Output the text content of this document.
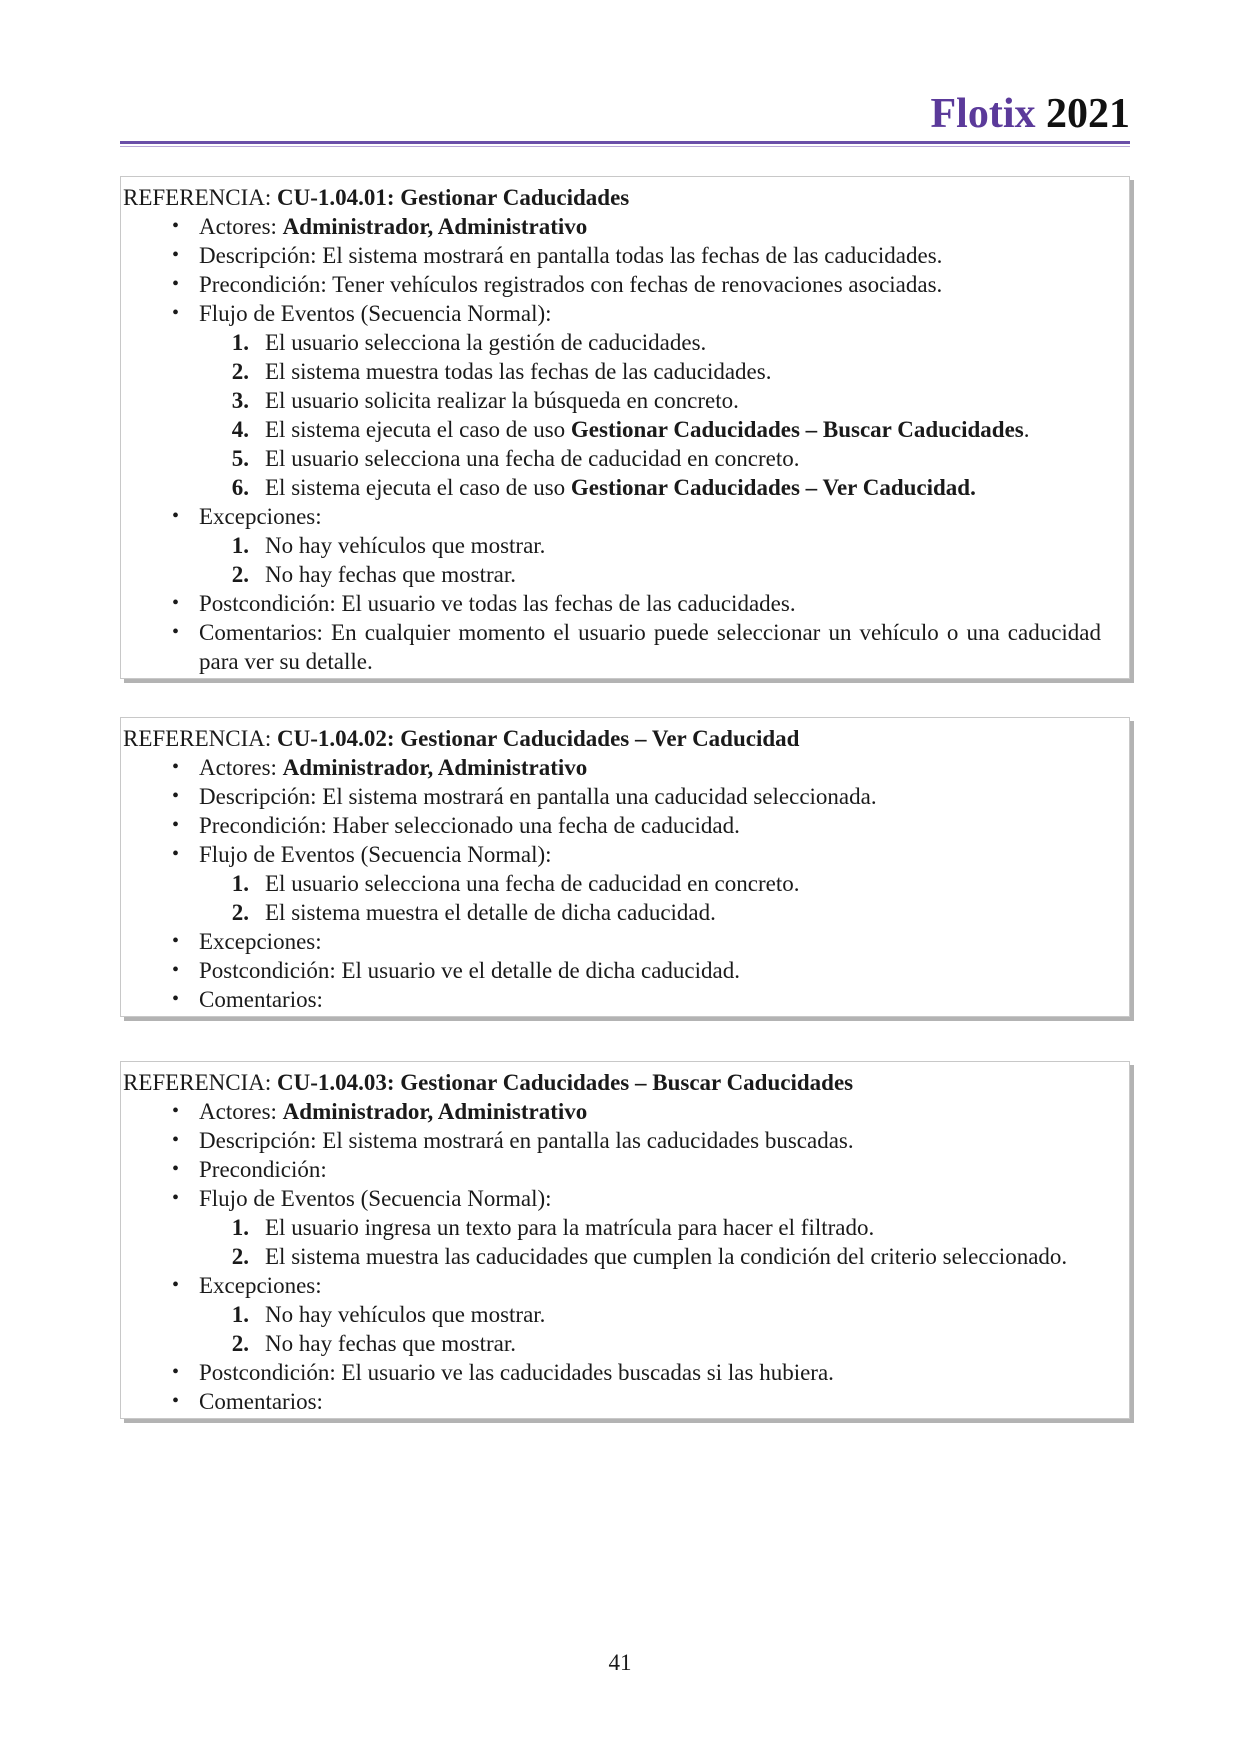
Flotix 2021
REFERENCIA: CU-1.04.01: Gestionar Caducidades
• Actores: Administrador, Administrativo
• Descripción: El sistema mostrará en pantalla todas las fechas de las caducidades.
• Precondición: Tener vehículos registrados con fechas de renovaciones asociadas.
• Flujo de Eventos (Secuencia Normal):
1. El usuario selecciona la gestión de caducidades.
2. El sistema muestra todas las fechas de las caducidades.
3. El usuario solicita realizar la búsqueda en concreto.
4. El sistema ejecuta el caso de uso Gestionar Caducidades – Buscar Caducidades.
5. El usuario selecciona una fecha de caducidad en concreto.
6. El sistema ejecuta el caso de uso Gestionar Caducidades – Ver Caducidad.
• Excepciones:
1. No hay vehículos que mostrar.
2. No hay fechas que mostrar.
• Postcondición: El usuario ve todas las fechas de las caducidades.
• Comentarios: En cualquier momento el usuario puede seleccionar un vehículo o una caducidad para ver su detalle.
REFERENCIA: CU-1.04.02: Gestionar Caducidades – Ver Caducidad
• Actores: Administrador, Administrativo
• Descripción: El sistema mostrará en pantalla una caducidad seleccionada.
• Precondición: Haber seleccionado una fecha de caducidad.
• Flujo de Eventos (Secuencia Normal):
1. El usuario selecciona una fecha de caducidad en concreto.
2. El sistema muestra el detalle de dicha caducidad.
• Excepciones:
• Postcondición: El usuario ve el detalle de dicha caducidad.
• Comentarios:
REFERENCIA: CU-1.04.03: Gestionar Caducidades – Buscar Caducidades
• Actores: Administrador, Administrativo
• Descripción: El sistema mostrará en pantalla las caducidades buscadas.
• Precondición:
• Flujo de Eventos (Secuencia Normal):
1. El usuario ingresa un texto para la matrícula para hacer el filtrado.
2. El sistema muestra las caducidades que cumplen la condición del criterio seleccionado.
• Excepciones:
1. No hay vehículos que mostrar.
2. No hay fechas que mostrar.
• Postcondición: El usuario ve las caducidades buscadas si las hubiera.
• Comentarios:
41
